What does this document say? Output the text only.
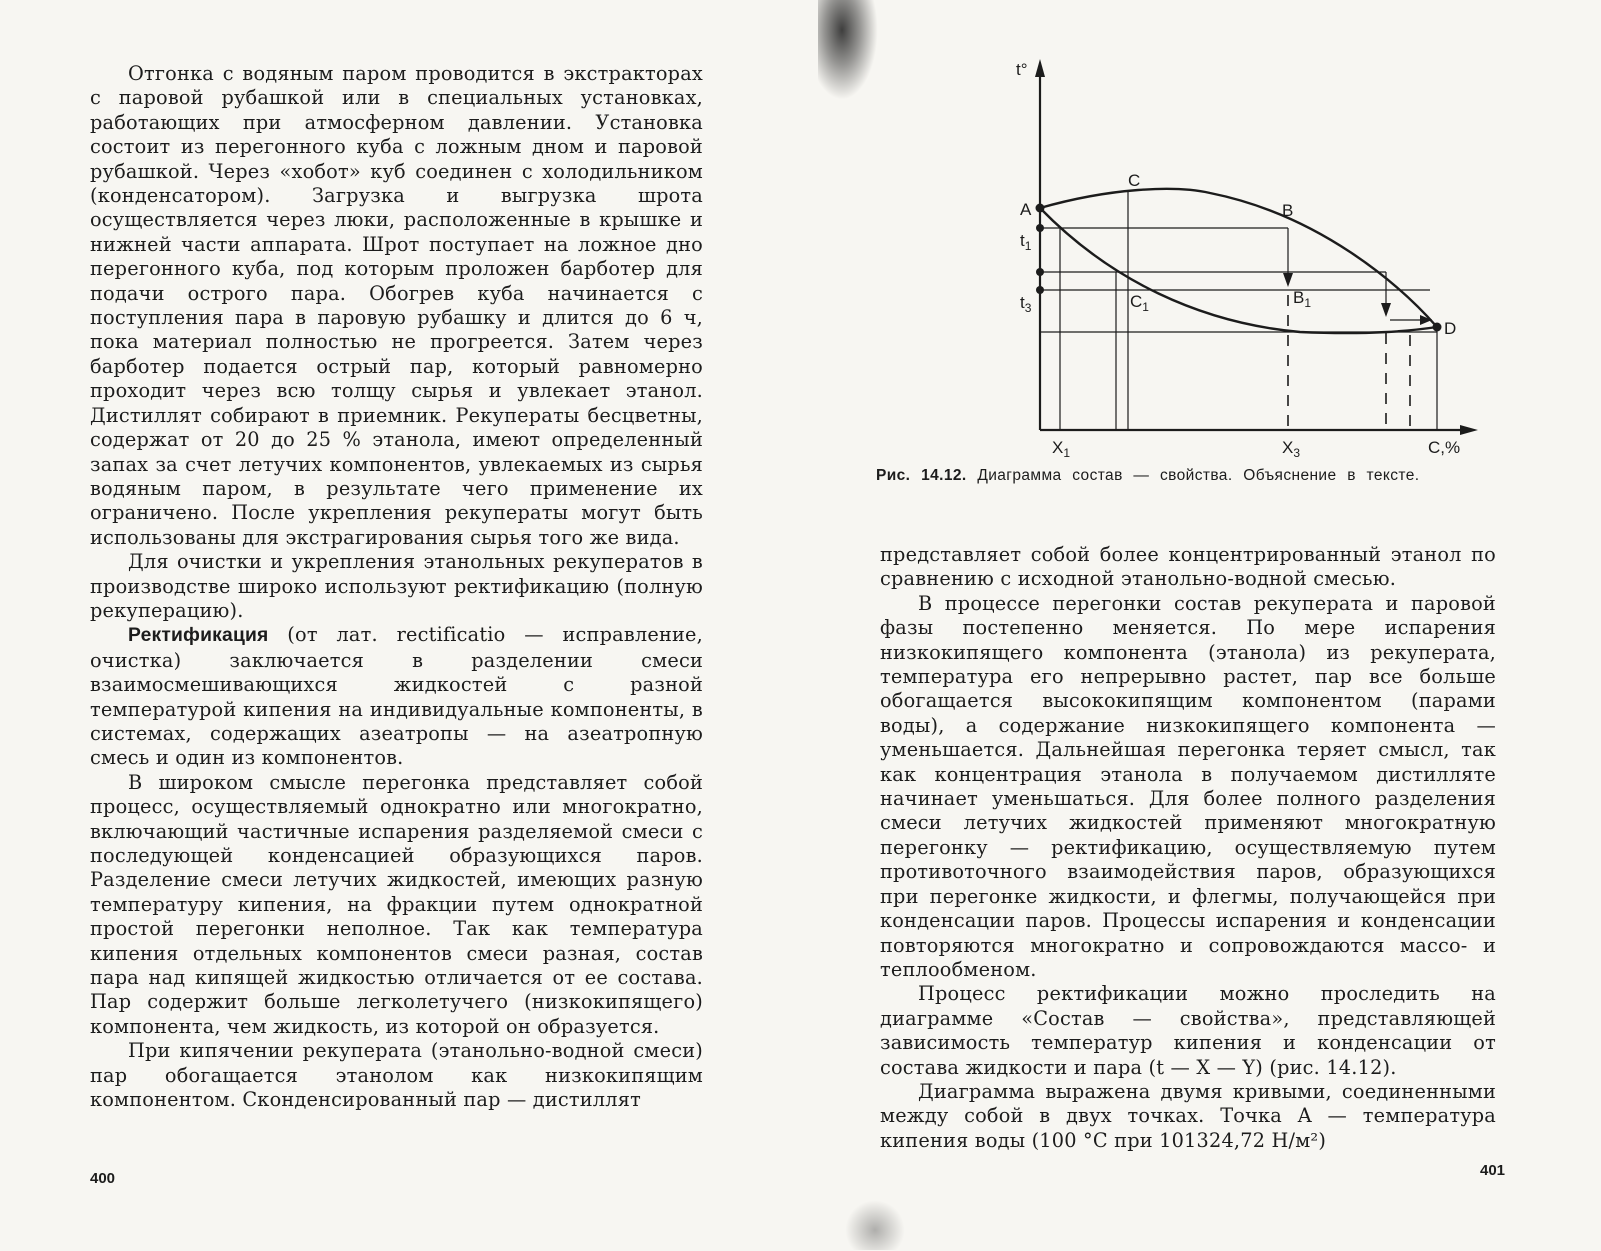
Отгонка с водяным паром проводится в экстракторах с паровой рубашкой или в специальных установках, работающих при атмосферном давлении. Установка состоит из перегонного куба с ложным дном и паровой рубашкой. Через «хобот» куб соединен с холодильником (конденсатором). Загрузка и выгрузка шрота осуществляется через люки, расположенные в крышке и нижней части аппарата. Шрот поступает на ложное дно перегонного куба, под которым проложен барботер для подачи острого пара. Обогрев куба начинается с поступления пара в паровую рубашку и длится до 6 ч, пока материал полностью не прогреется. Затем через барботер подается острый пар, который равномерно проходит через всю толщу сырья и увлекает этанол. Дистиллят собирают в приемник. Рекуператы бесцветны, содержат от 20 до 25 % этанола, имеют определенный запах за счет летучих компонентов, увлекаемых из сырья водяным паром, в результате чего применение их ограничено. После укрепления рекуператы могут быть использованы для экстрагирования сырья того же вида.

Для очистки и укрепления этанольных рекуператов в производстве широко используют ректификацию (полную рекуперацию).

Ректификация (от лат. rectificatio — исправление, очистка) заключается в разделении смеси взаимосмешивающихся жидкостей с разной температурой кипения на индивидуальные компоненты, в системах, содержащих азеатропы — на азеатропную смесь и один из компонентов.

В широком смысле перегонка представляет собой процесс, осуществляемый однократно или многократно, включающий частичные испарения разделяемой смеси с последующей конденсацией образующихся паров. Разделение смеси летучих жидкостей, имеющих разную температуру кипения, на фракции путем однократной простой перегонки неполное. Так как температура кипения отдельных компонентов смеси разная, состав пара над кипящей жидкостью отличается от ее состава. Пар содержит больше легколетучего (низкокипящего) компонента, чем жидкость, из которой он образуется.

При кипячении рекуперата (этанольно-водной смеси) пар обогащается этанолом как низкокипящим компонентом. Сконденсированный пар — дистиллят

400

представляет собой более концентрированный этанол по сравнению с исходной этанольно-водной смесью.

В процессе перегонки состав рекуперата и паровой фазы постепенно меняется. По мере испарения низкокипящего компонента (этанола) из рекуперата, температура его непрерывно растет, пар все больше обогащается высококипящим компонентом (парами воды), а содержание низкокипящего компонента — уменьшается. Дальнейшая перегонка теряет смысл, так как концентрация этанола в получаемом дистилляте начинает уменьшаться. Для более полного разделения смеси летучих жидкостей применяют многократную перегонку — ректификацию, осуществляемую путем противоточного взаимодействия паров, образующихся при перегонке жидкости, и флегмы, получающейся при конденсации паров. Процессы испарения и конденсации повторяются многократно и сопровождаются массо- и теплообменом.

Процесс ректификации можно проследить на диаграмме «Состав — свойства», представляющей зависимость температур кипения и конденсации от состава жидкости и пара (t — X — Y) (рис. 14.12).

Диаграмма выражена двумя кривыми, соединенными между собой в двух точках. Точка A — температура кипения воды (100 °C при 101324,72 Н/м²)

401
t°
A
C
B
D
$t_1$
$t_3$	$C_1$	$B_1$
$X_1$	$X_3$	C,%
Рис. 14.12. Диаграмма состав — свойства. Объяснение в тексте.
